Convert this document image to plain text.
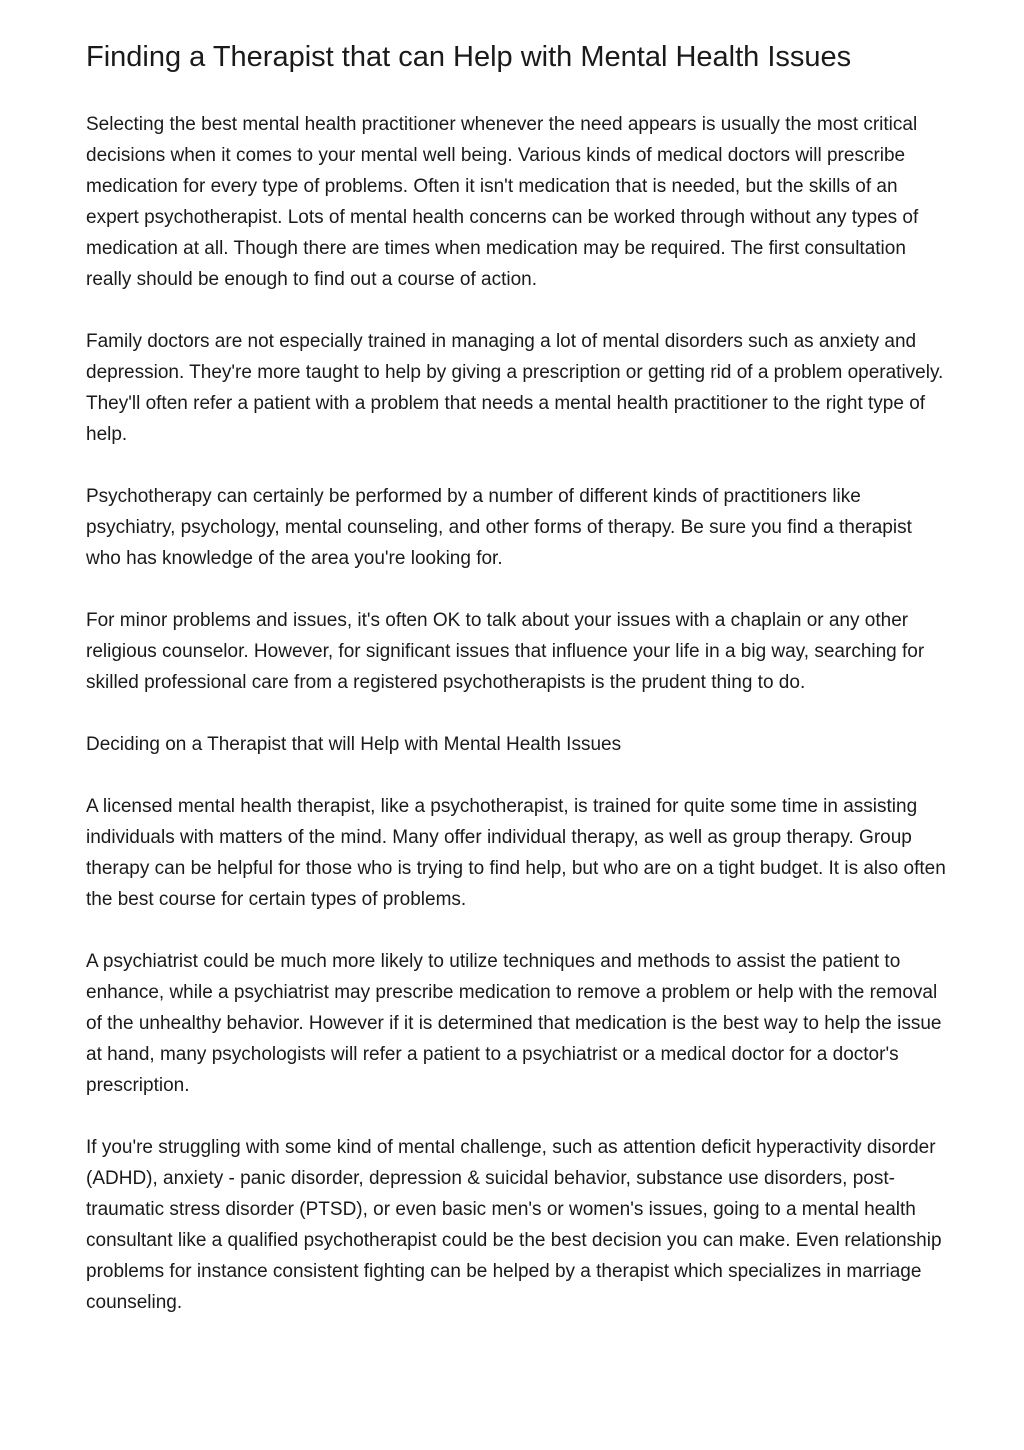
Finding a Therapist that can Help with Mental Health Issues

Selecting the best mental health practitioner whenever the need appears is usually the most critical decisions when it comes to your mental well being. Various kinds of medical doctors will prescribe medication for every type of problems. Often it isn't medication that is needed, but the skills of an expert psychotherapist. Lots of mental health concerns can be worked through without any types of medication at all. Though there are times when medication may be required. The first consultation really should be enough to find out a course of action.

Family doctors are not especially trained in managing a lot of mental disorders such as anxiety and depression. They're more taught to help by giving a prescription or getting rid of a problem operatively. They'll often refer a patient with a problem that needs a mental health practitioner to the right type of help.

Psychotherapy can certainly be performed by a number of different kinds of practitioners like psychiatry, psychology, mental counseling, and other forms of therapy. Be sure you find a therapist who has knowledge of the area you're looking for.

For minor problems and issues, it's often OK to talk about your issues with a chaplain or any other religious counselor. However, for significant issues that influence your life in a big way, searching for skilled professional care from a registered psychotherapists is the prudent thing to do.

Deciding on a Therapist that will Help with Mental Health Issues

A licensed mental health therapist, like a psychotherapist, is trained for quite some time in assisting individuals with matters of the mind. Many offer individual therapy, as well as group therapy. Group therapy can be helpful for those who is trying to find help, but who are on a tight budget. It is also often the best course for certain types of problems.

A psychiatrist could be much more likely to utilize techniques and methods to assist the patient to enhance, while a psychiatrist may prescribe medication to remove a problem or help with the removal of the unhealthy behavior. However if it is determined that medication is the best way to help the issue at hand, many psychologists will refer a patient to a psychiatrist or a medical doctor for a doctor's prescription.

If you're struggling with some kind of mental challenge, such as attention deficit hyperactivity disorder (ADHD), anxiety - panic disorder, depression & suicidal behavior, substance use disorders, post-traumatic stress disorder (PTSD), or even basic men's or women's issues, going to a mental health consultant like a qualified psychotherapist could be the best decision you can make. Even relationship problems for instance consistent fighting can be helped by a therapist which specializes in marriage counseling.
